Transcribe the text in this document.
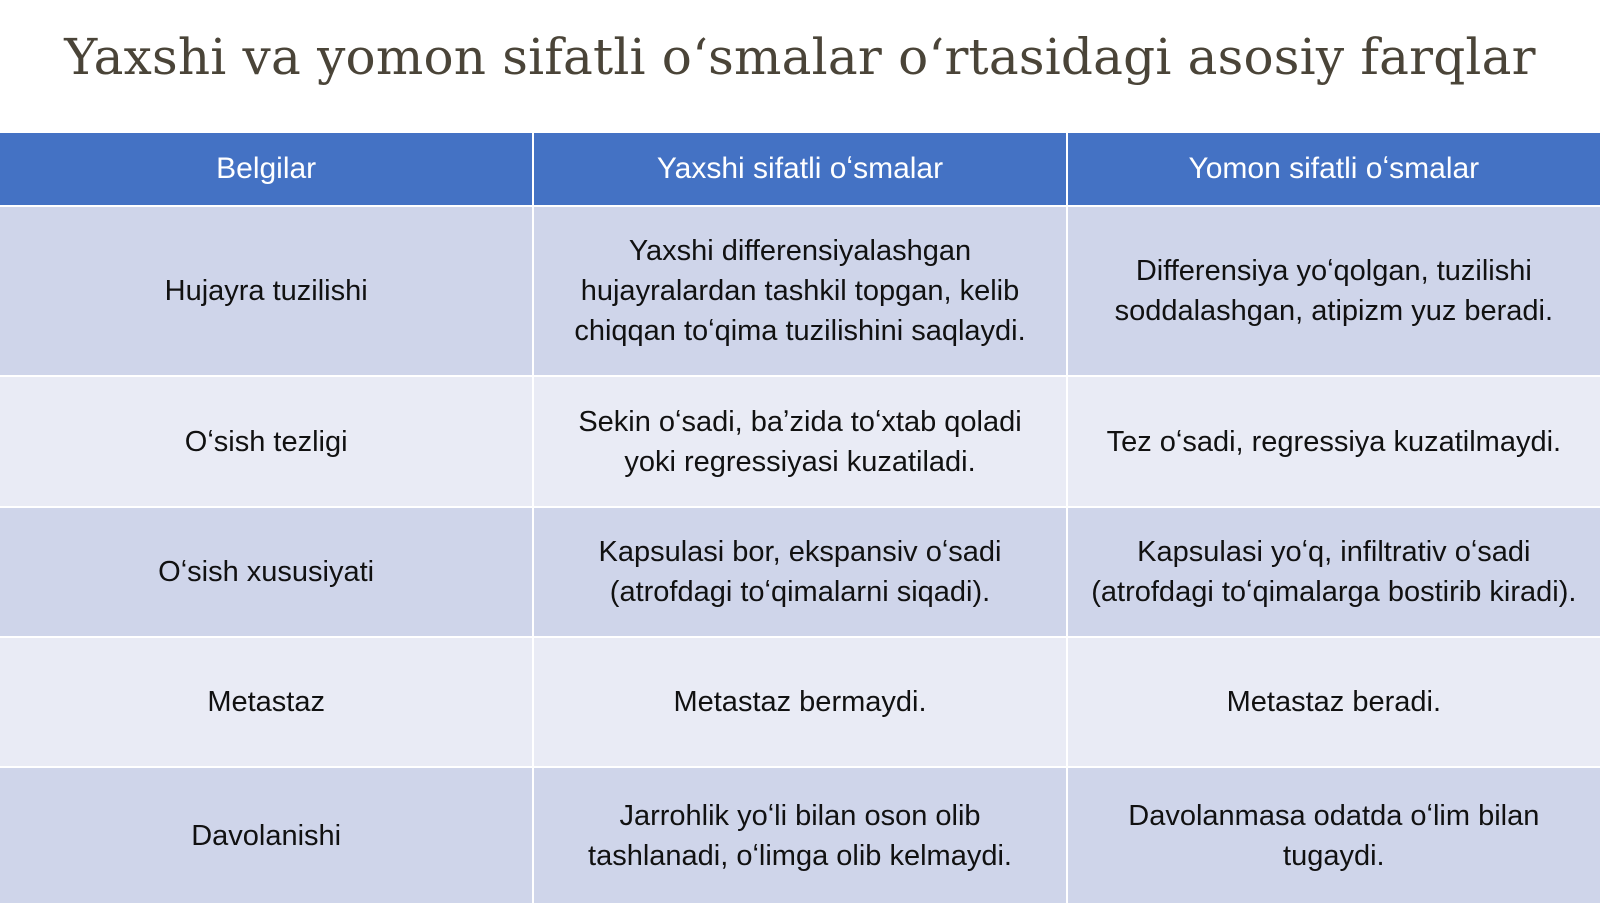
Yaxshi va yomon sifatli oʻsmalar oʻrtasidagi asosiy farqlar
Belgilar	Yaxshi sifatli oʻsmalar	Yomon sifatli oʻsmalar
Hujayra tuzilishi	Yaxshi differensiyalashgan hujayralardan tashkil topgan, kelib chiqqan toʻqima tuzilishini saqlaydi.	Differensiya yoʻqolgan, tuzilishi soddalashgan, atipizm yuz beradi.
Oʻsish tezligi	Sekin oʻsadi, baʼzida toʻxtab qoladi yoki regressiyasi kuzatiladi.	Tez oʻsadi, regressiya kuzatilmaydi.
Oʻsish xususiyati	Kapsulasi bor, ekspansiv oʻsadi (atrofdagi toʻqimalarni siqadi).	Kapsulasi yoʻq, infiltrativ oʻsadi (atrofdagi toʻqimalarga bostirib kiradi).
Metastaz	Metastaz bermaydi.	Metastaz beradi.
Davolanishi	Jarrohlik yoʻli bilan oson olib tashlanadi, oʻlimga olib kelmaydi.	Davolanmasa odatda oʻlim bilan tugaydi.
